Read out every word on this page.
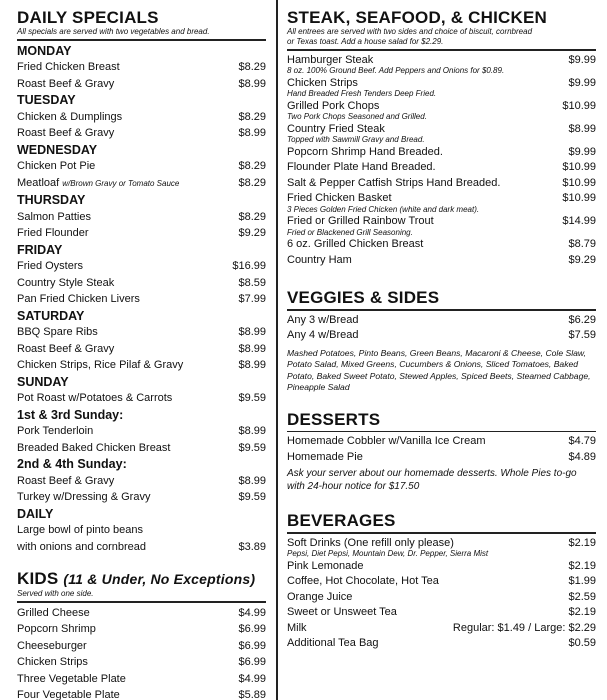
DAILY SPECIALS
All specials are served with two vegetables and bread.
MONDAY
Fried Chicken Breast	$8.29
Roast Beef & Gravy	$8.99
TUESDAY
Chicken & Dumplings	$8.29
Roast Beef & Gravy	$8.99
WEDNESDAY
Chicken Pot Pie	$8.29
Meatloaf w/Brown Gravy or Tomato Sauce	$8.29
THURSDAY
Salmon Patties	$8.29
Fried Flounder	$9.29
FRIDAY
Fried Oysters	$16.99
Country Style Steak	$8.59
Pan Fried Chicken Livers	$7.99
SATURDAY
BBQ Spare Ribs	$8.99
Roast Beef & Gravy	$8.99
Chicken Strips, Rice Pilaf & Gravy	$8.99
SUNDAY
Pot Roast w/Potatoes & Carrots	$9.59
1st & 3rd Sunday:
Pork Tenderloin	$8.99
Breaded Baked Chicken Breast	$9.59
2nd & 4th Sunday:
Roast Beef & Gravy	$8.99
Turkey w/Dressing & Gravy	$9.59
DAILY
Large bowl of pinto beans
with onions and cornbread	$3.89
KIDS (11 & Under, No Exceptions)
Served with one side.
Grilled Cheese	$4.99
Popcorn Shrimp	$6.99
Cheeseburger	$6.99
Chicken Strips	$6.99
Three Vegetable Plate	$4.99
Four Vegetable Plate	$5.89
STEAK, SEAFOOD, & CHICKEN
All entrees are served with two sides and choice of biscuit, cornbread
or Texas toast. Add a house salad for $2.29.
Hamburger Steak	$9.99
8 oz. 100% Ground Beef. Add Peppers and Onions for $0.89.
Chicken Strips	$9.99
Hand Breaded Fresh Tenders Deep Fried.
Grilled Pork Chops	$10.99
Two Pork Chops Seasoned and Grilled.
Country Fried Steak	$8.99
Topped with Sawmill Gravy and Bread.
Popcorn Shrimp Hand Breaded.	$9.99
Flounder Plate Hand Breaded.	$10.99
Salt & Pepper Catfish Strips Hand Breaded.	$10.99
Fried Chicken Basket	$10.99
3 Pieces Golden Fried Chicken (white and dark meat).
Fried or Grilled Rainbow Trout	$14.99
Fried or Blackened Grill Seasoning.
6 oz. Grilled Chicken Breast	$8.79
Country Ham	$9.29
VEGGIES & SIDES
Any 3 w/Bread	$6.29
Any 4 w/Bread	$7.59
Mashed Potatoes, Pinto Beans, Green Beans, Macaroni & Cheese, Cole Slaw, Potato Salad, Mixed Greens, Cucumbers & Onions, Sliced Tomatoes, Baked Potato, Baked Sweet Potato, Stewed Apples, Spiced Beets, Steamed Cabbage, Pineapple Salad
DESSERTS
Homemade Cobbler w/Vanilla Ice Cream	$4.79
Homemade Pie	$4.89
Ask your server about our homemade desserts. Whole Pies to-go with 24-hour notice for $17.50
BEVERAGES
Soft Drinks (One refill only please)	$2.19
Pepsi, Diet Pepsi, Mountain Dew, Dr. Pepper, Sierra Mist
Pink Lemonade	$2.19
Coffee, Hot Chocolate, Hot Tea	$1.99
Orange Juice	$2.59
Sweet or Unsweet Tea	$2.19
Milk	Regular: $1.49 / Large: $2.29
Additional Tea Bag	$0.59
